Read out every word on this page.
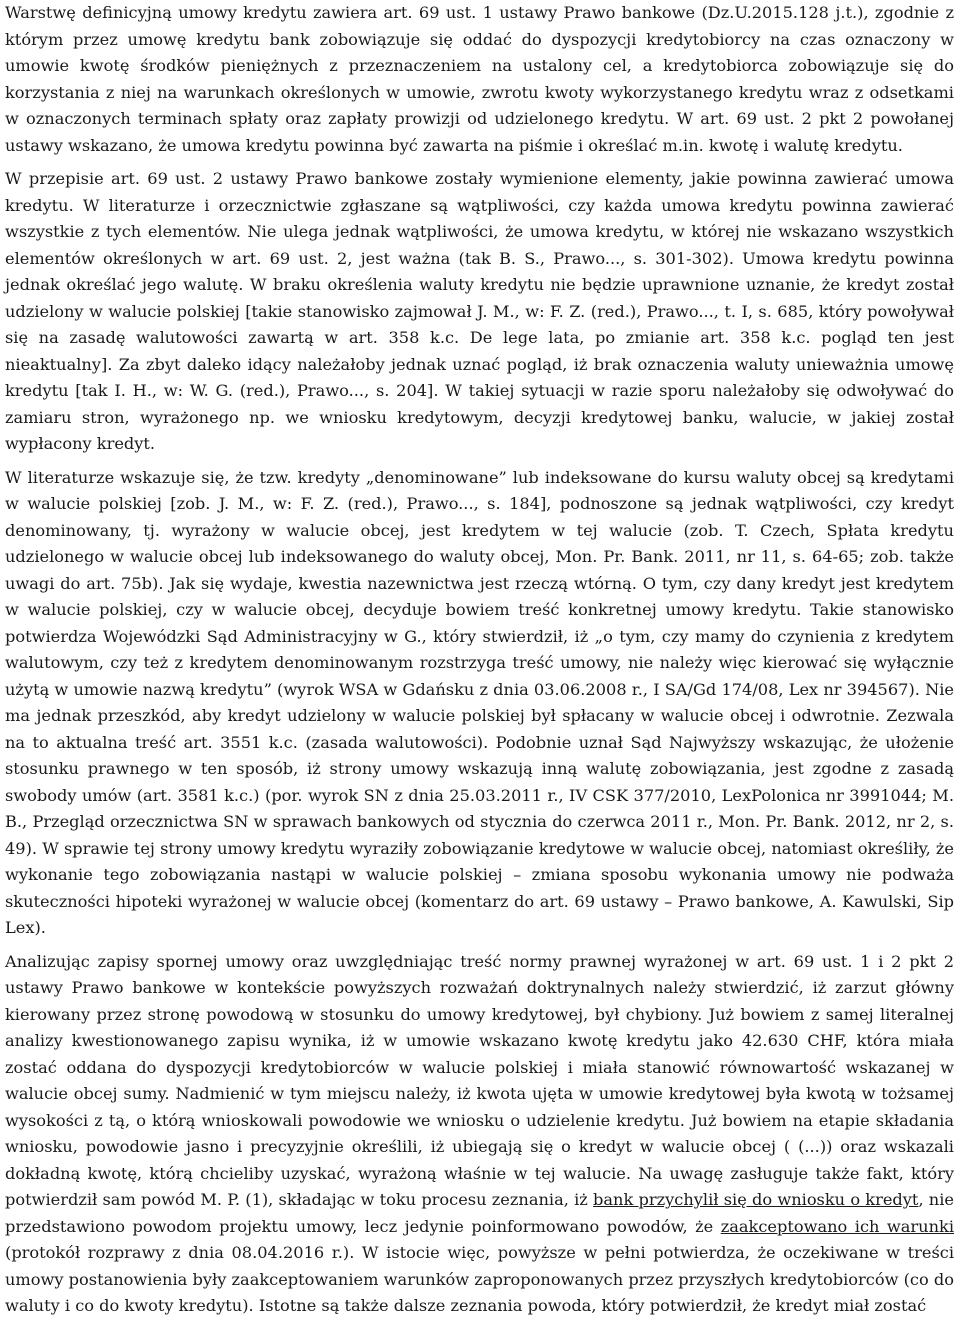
Warstwę definicyjną umowy kredytu zawiera art. 69 ust. 1 ustawy Prawo bankowe (Dz.U.2015.128 j.t.), zgodnie z którym przez umowę kredytu bank zobowiązuje się oddać do dyspozycji kredytobiorcy na czas oznaczony w umowie kwotę środków pieniężnych z przeznaczeniem na ustalony cel, a kredytobiorca zobowiązuje się do korzystania z niej na warunkach określonych w umowie, zwrotu kwoty wykorzystanego kredytu wraz z odsetkami w oznaczonych terminach spłaty oraz zapłaty prowizji od udzielonego kredytu. W art. 69 ust. 2 pkt 2 powołanej ustawy wskazano, że umowa kredytu powinna być zawarta na piśmie i określać m.in. kwotę i walutę kredytu.

W przepisie art. 69 ust. 2 ustawy Prawo bankowe zostały wymienione elementy, jakie powinna zawierać umowa kredytu. W literaturze i orzecznictwie zgłaszane są wątpliwości, czy każda umowa kredytu powinna zawierać wszystkie z tych elementów. Nie ulega jednak wątpliwości, że umowa kredytu, w której nie wskazano wszystkich elementów określonych w art. 69 ust. 2, jest ważna (tak B. S., Prawo..., s. 301-302). Umowa kredytu powinna jednak określać jego walutę. W braku określenia waluty kredytu nie będzie uprawnione uznanie, że kredyt został udzielony w walucie polskiej [takie stanowisko zajmował J. M., w: F. Z. (red.), Prawo..., t. I, s. 685, który powoływał się na zasadę walutowości zawartą w art. 358 k.c. De lege lata, po zmianie art. 358 k.c. pogląd ten jest nieaktualny]. Za zbyt daleko idący należałoby jednak uznać pogląd, iż brak oznaczenia waluty unieważnia umowę kredytu [tak I. H., w: W. G. (red.), Prawo..., s. 204]. W takiej sytuacji w razie sporu należałoby się odwoływać do zamiaru stron, wyrażonego np. we wniosku kredytowym, decyzji kredytowej banku, walucie, w jakiej został wypłacony kredyt.

W literaturze wskazuje się, że tzw. kredyty „denominowane” lub indeksowane do kursu waluty obcej są kredytami w walucie polskiej [zob. J. M., w: F. Z. (red.), Prawo..., s. 184], podnoszone są jednak wątpliwości, czy kredyt denominowany, tj. wyrażony w walucie obcej, jest kredytem w tej walucie (zob. T. Czech, Spłata kredytu udzielonego w walucie obcej lub indeksowanego do waluty obcej, Mon. Pr. Bank. 2011, nr 11, s. 64-65; zob. także uwagi do art. 75b). Jak się wydaje, kwestia nazewnictwa jest rzeczą wtórną. O tym, czy dany kredyt jest kredytem w walucie polskiej, czy w walucie obcej, decyduje bowiem treść konkretnej umowy kredytu. Takie stanowisko potwierdza Wojewódzki Sąd Administracyjny w G., który stwierdził, iż „o tym, czy mamy do czynienia z kredytem walutowym, czy też z kredytem denominowanym rozstrzyga treść umowy, nie należy więc kierować się wyłącznie użytą w umowie nazwą kredytu” (wyrok WSA w Gdańsku z dnia 03.06.2008 r., I SA/Gd 174/08, Lex nr 394567). Nie ma jednak przeszkód, aby kredyt udzielony w walucie polskiej był spłacany w walucie obcej i odwrotnie. Zezwala na to aktualna treść art. 3551 k.c. (zasada walutowości). Podobnie uznał Sąd Najwyższy wskazując, że ułożenie stosunku prawnego w ten sposób, iż strony umowy wskazują inną walutę zobowiązania, jest zgodne z zasadą swobody umów (art. 3581 k.c.) (por. wyrok SN z dnia 25.03.2011 r., IV CSK 377/2010, LexPolonica nr 3991044; M. B., Przegląd orzecznictwa SN w sprawach bankowych od stycznia do czerwca 2011 r., Mon. Pr. Bank. 2012, nr 2, s. 49). W sprawie tej strony umowy kredytu wyraziły zobowiązanie kredytowe w walucie obcej, natomiast określiły, że wykonanie tego zobowiązania nastąpi w walucie polskiej – zmiana sposobu wykonania umowy nie podważa skuteczności hipoteki wyrażonej w walucie obcej (komentarz do art. 69 ustawy – Prawo bankowe, A. Kawulski, Sip Lex).

Analizując zapisy spornej umowy oraz uwzględniając treść normy prawnej wyrażonej w art. 69 ust. 1 i 2 pkt 2 ustawy Prawo bankowe w kontekście powyższych rozważań doktrynalnych należy stwierdzić, iż zarzut główny kierowany przez stronę powodową w stosunku do umowy kredytowej, był chybiony. Już bowiem z samej literalnej analizy kwestionowanego zapisu wynika, iż w umowie wskazano kwotę kredytu jako 42.630 CHF, która miała zostać oddana do dyspozycji kredytobiorców w walucie polskiej i miała stanowić równowartość wskazanej w walucie obcej sumy. Nadmienić w tym miejscu należy, iż kwota ujęta w umowie kredytowej była kwotą w tożsamej wysokości z tą, o którą wnioskowali powodowie we wniosku o udzielenie kredytu. Już bowiem na etapie składania wniosku, powodowie jasno i precyzyjnie określili, iż ubiegają się o kredyt w walucie obcej ( (...)) oraz wskazali dokładną kwotę, którą chcieliby uzyskać, wyrażoną właśnie w tej walucie. Na uwagę zasługuje także fakt, który potwierdził sam powód M. P. (1), składając w toku procesu zeznania, iż bank przychylił się do wniosku o kredyt, nie przedstawiono powodom projektu umowy, lecz jedynie poinformowano powodów, że zaakceptowano ich warunki (protokół rozprawy z dnia 08.04.2016 r.). W istocie więc, powyższe w pełni potwierdza, że oczekiwane w treści umowy postanowienia były zaakceptowaniem warunków zaproponowanych przez przyszłych kredytobiorców (co do waluty i co do kwoty kredytu). Istotne są także dalsze zeznania powoda, który potwierdził, że kredyt miał zostać
